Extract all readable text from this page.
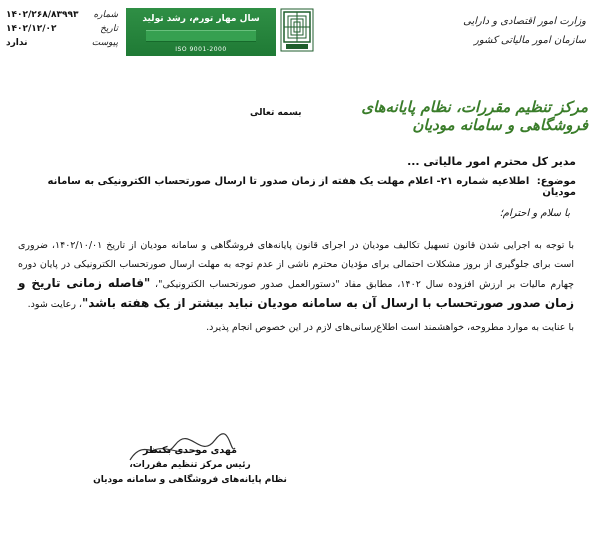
شماره
۱۴۰۲/۲۶۸/۸۳۹۹۳
تاریخ
۱۴۰۲/۱۲/۰۲
پیوست
ندارد
سال مهار تورم، رشد تولید
ISO 9001-2000
وزارت امور اقتصادی و دارایی
سازمان امور مالیاتی کشور
مرکز تنظیم مقررات، نظام پایانه‌های فروشگاهی و سامانه مودیان
بسمه تعالی
مدیر کل محترم امور مالیاتی ...
موضوع: اطلاعیه شماره ۲۱- اعلام مهلت یک هفته از زمان صدور تا ارسال صورتحساب الکترونیکی به سامانه مودیان
با سلام و احترام؛

با توجه به اجرایی شدن قانون تسهیل تکالیف مودیان در اجرای قانون پایانه‌های فروشگاهی و سامانه مودیان از تاریخ ۱۴۰۲/۱۰/۰۱، ضروری است برای جلوگیری از بروز مشکلات احتمالی برای مؤدیان محترم ناشی از عدم توجه به مهلت ارسال صورتحساب الکترونیکی در پایان دوره چهارم مالیات بر ارزش افزوده سال ۱۴۰۲، مطابق مفاد "دستورالعمل صدور صورتحساب الکترونیکی"، "فاصله زمانی تاریخ و زمان صدور صورتحساب با ارسال آن به سامانه مودیان نباید بیشتر از یک هفته باشد"، رعایت شود.

با عنایت به موارد مطروحه، خواهشمند است اطلاع‌رسانی‌های لازم در این خصوص انجام پذیرد.

مهدی موحدی بکنظر
رئیس مرکز تنظیم مقررات،
نظام پایانه‌های فروشگاهی و سامانه مودیان
